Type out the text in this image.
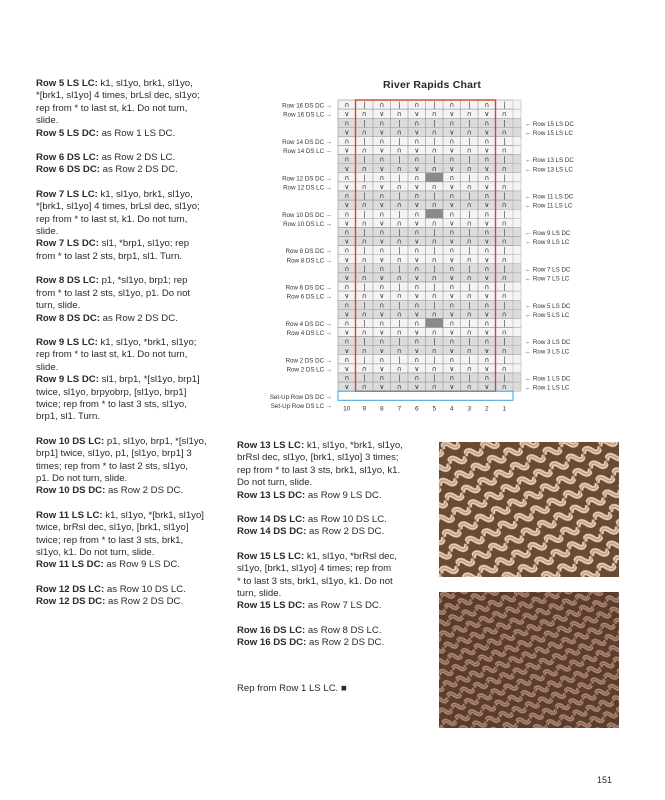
Row 5 LS LC: k1, sl1yo, brk1, sl1yo,
*[brk1, sl1yo] 4 times, brLsl dec, sl1yo;
rep from * to last st, k1. Do not turn,
slide.
Row 5 LS DC: as Row 1 LS DC.
Row 6 DS LC: as Row 2 DS LC.
Row 6 DS DC: as Row 2 DS DC.
Row 7 LS LC: k1, sl1yo, brk1, sl1yo,
*[brk1, sl1yo] 4 times, brLsl dec, sl1yo;
rep from * to last st, k1. Do not turn,
slide.
Row 7 LS DC: sl1, *brp1, sl1yo; rep
from * to last 2 sts, brp1, sl1. Turn.
Row 8 DS LC: p1, *sl1yo, brp1; rep
from * to last 2 sts, sl1yo, p1. Do not
turn, slide.
Row 8 DS DC: as Row 2 DS DC.
Row 9 LS LC: k1, sl1yo, *brk1, sl1yo;
rep from * to last st, k1. Do not turn,
slide.
Row 9 LS DC: sl1, brp1, *[sl1yo, brp1]
twice, sl1yo, brpyobrp, [sl1yo, brp1]
twice; rep from * to last 3 sts, sl1yo,
brp1, sl1. Turn.
Row 10 DS LC: p1, sl1yo, brp1, *[sl1yo,
brp1] twice, sl1yo, p1, [sl1yo, brp1] 3
times; rep from * to last 2 sts, sl1yo,
p1. Do not turn, slide.
Row 10 DS DC: as Row 2 DS DC.
Row 11 LS LC: k1, sl1yo, *[brk1, sl1yo]
twice, brRsl dec, sl1yo, [brk1, sl1yo]
twice; rep from * to last 3 sts, brk1,
sl1yo, k1. Do not turn, slide.
Row 11 LS DC: as Row 9 LS DC.
Row 12 DS LC: as Row 10 DS LC.
Row 12 DS DC: as Row 2 DS DC.
River Rapids Chart
∩ | ∩ | ∩ | ∩ | ∩ |
∨ ∩ ∨ ∩ ∨ ∩ ∨ ∩ ∨ ∩
∩ | ∩ | ∩ | ∩ | ∩ |
∨ ∩ ∨ ∩ ∨ ∩ ∨ ∩ ∨ ∩
∩ | ∩ | ∩ | ∩ | ∩ |
∨ ∩ ∨ ∩ ∨ ∩ ∨ ∩ ∨ ∩
∩ | ∩ | ∩ | ∩ | ∩ |
∨ ∩ ∨ ∩ ∨ ∩ ∨ ∩ ∨ ∩
∩ | ∩ | ∩	∩ | ∩ |
∨ ∩ ∨ ∩ ∨ ∩ ∨ ∩ ∨ ∩
∩ | ∩ | ∩ | ∩ | ∩ |
∨ ∩ ∨ ∩ ∨ ∩ ∨ ∩ ∨ ∩
∩ | ∩ | ∩	∩ | ∩ |
∨ ∩ ∨ ∩ ∨ ∩ ∨ ∩ ∨ ∩
∩ | ∩ | ∩ | ∩ | ∩ |
∨ ∩ ∨ ∩ ∨ ∩ ∨ ∩ ∨ ∩
∩ | ∩ | ∩ | ∩ | ∩ |
∨ ∩ ∨ ∩ ∨ ∩ ∨ ∩ ∨ ∩
∩ | ∩ | ∩ | ∩ | ∩ |
∨ ∩ ∨ ∩ ∨ ∩ ∨ ∩ ∨ ∩
∩ | ∩ | ∩ | ∩ | ∩ |
∨ ∩ ∨ ∩ ∨ ∩ ∨ ∩ ∨ ∩
∩ | ∩ | ∩ | ∩ | ∩ |
∨ ∩ ∨ ∩ ∨ ∩ ∨ ∩ ∨ ∩
∩ | ∩ | ∩	∩ | ∩ |
∨ ∩ ∨ ∩ ∨ ∩ ∨ ∩ ∨ ∩
∩ | ∩ | ∩ | ∩ | ∩ |
∨ ∩ ∨ ∩ ∨ ∩ ∨ ∩ ∨ ∩
∩ | ∩ | ∩ | ∩ | ∩ |
∨ ∩ ∨ ∩ ∨ ∩ ∨ ∩ ∨ ∩
∩ | ∩ | ∩ | ∩ | ∩ |
∨ ∩ ∨ ∩ ∨ ∩ ∨ ∩ ∨ ∩
Row 16 DS DC →
Row 16 DS LC →
Row 14 DS DC →
Row 14 DS LC →
Row 12 DS DC →
Row 12 DS LC →
Row 10 DS DC →
Row 10 DS LC →
Row 8 DS DC →
Row 8 DS LC →
Row 6 DS DC →
Row 6 DS LC →
Row 4 DS DC →
Row 4 DS LC →
Row 2 DS DC →
Row 2 DS LC →
Set-Up Row DS DC →
Set-Up Row DS LC →
← Row 15 LS DC
← Row 15 LS LC
← Row 13 LS DC
← Row 13 LS LC
← Row 11 LS DC
← Row 11 LS LC
← Row 9 LS DC
← Row 9 LS LC
← Row 7 LS DC
← Row 7 LS LC
← Row 5 LS DC
← Row 5 LS LC
← Row 3 LS DC
← Row 3 LS LC
← Row 1 LS DC
← Row 1 LS LC
10 9 8 7 6 5 4 3 2 1
Row 13 LS LC: k1, sl1yo, *brk1, sl1yo,
brRsl dec, sl1yo, [brk1, sl1yo] 3 times;
rep from * to last 3 sts, brk1, sl1yo, k1.
Do not turn, slide.
Row 13 LS DC: as Row 9 LS DC.
Row 14 DS LC: as Row 10 DS LC.
Row 14 DS DC: as Row 2 DS DC.
Row 15 LS LC: k1, sl1yo, *brRsl dec,
sl1yo, [brk1, sl1yo] 4 times; rep from
* to last 3 sts, brk1, sl1yo, k1. Do not
turn, slide.
Row 15 LS DC: as Row 7 LS DC.
Row 16 DS LC: as Row 8 DS LC.
Row 16 DS DC: as Row 2 DS DC.
Rep from Row 1 LS LC. ■
151
